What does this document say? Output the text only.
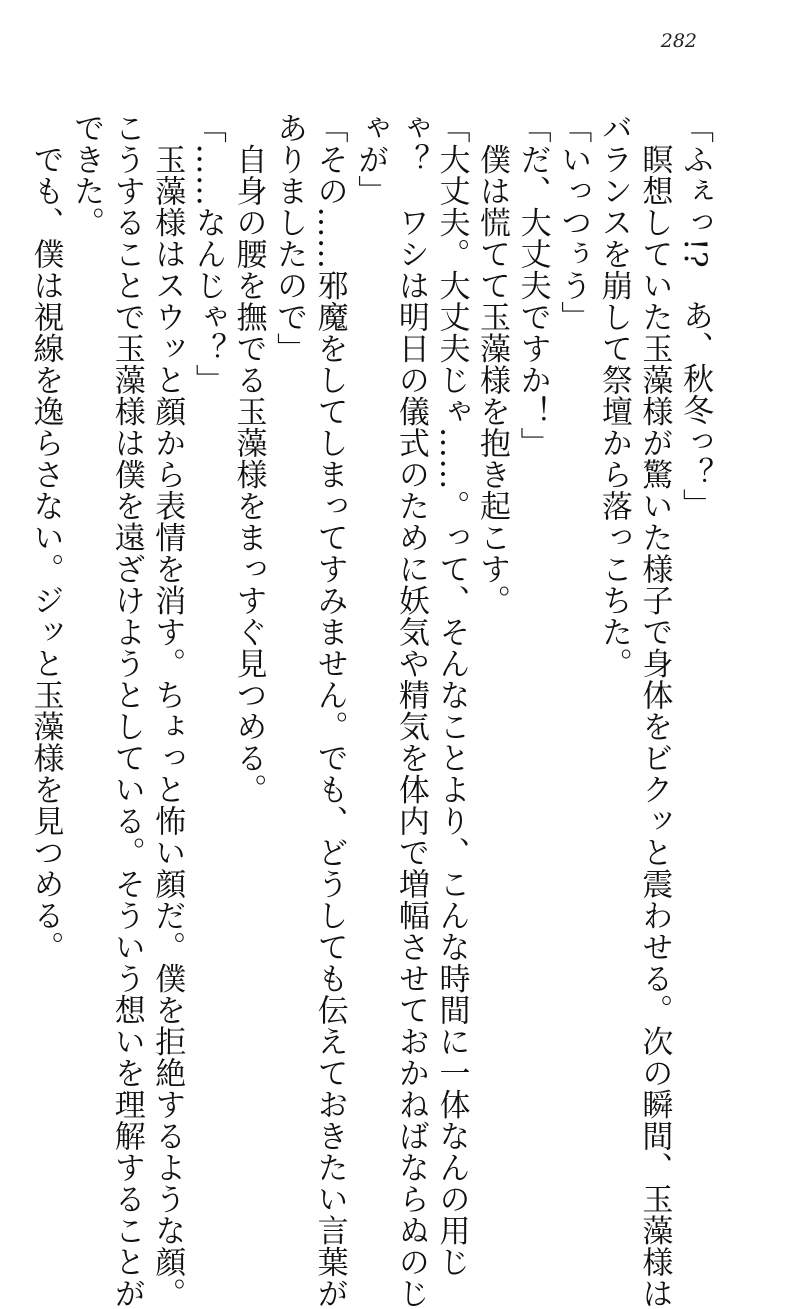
282
「ふぇっ!?　あ、秋冬っ？」
　瞑想していた玉藻様が驚いた様子で身体をビクッと震わせる。次の瞬間、玉藻様は
バランスを崩して祭壇から落っこちた。
「いっつぅう」
「だ、大丈夫ですか！」
　僕は慌てて玉藻様を抱き起こす。
「大丈夫。大丈夫じゃ……。って、そんなことより、こんな時間に一体なんの用じ
ゃ？　ワシは明日の儀式のために妖気や精気を体内で増幅させておかねばならぬのじ
ゃが」
「その……邪魔をしてしまってすみません。でも、どうしても伝えておきたい言葉が
ありましたので」
　自身の腰を撫でる玉藻様をまっすぐ見つめる。
「……なんじゃ？」
　玉藻様はスウッと顔から表情を消す。ちょっと怖い顔だ。僕を拒絶するような顔。
こうすることで玉藻様は僕を遠ざけようとしている。そういう想いを理解することが
できた。
　でも、僕は視線を逸らさない。ジッと玉藻様を見つめる。
